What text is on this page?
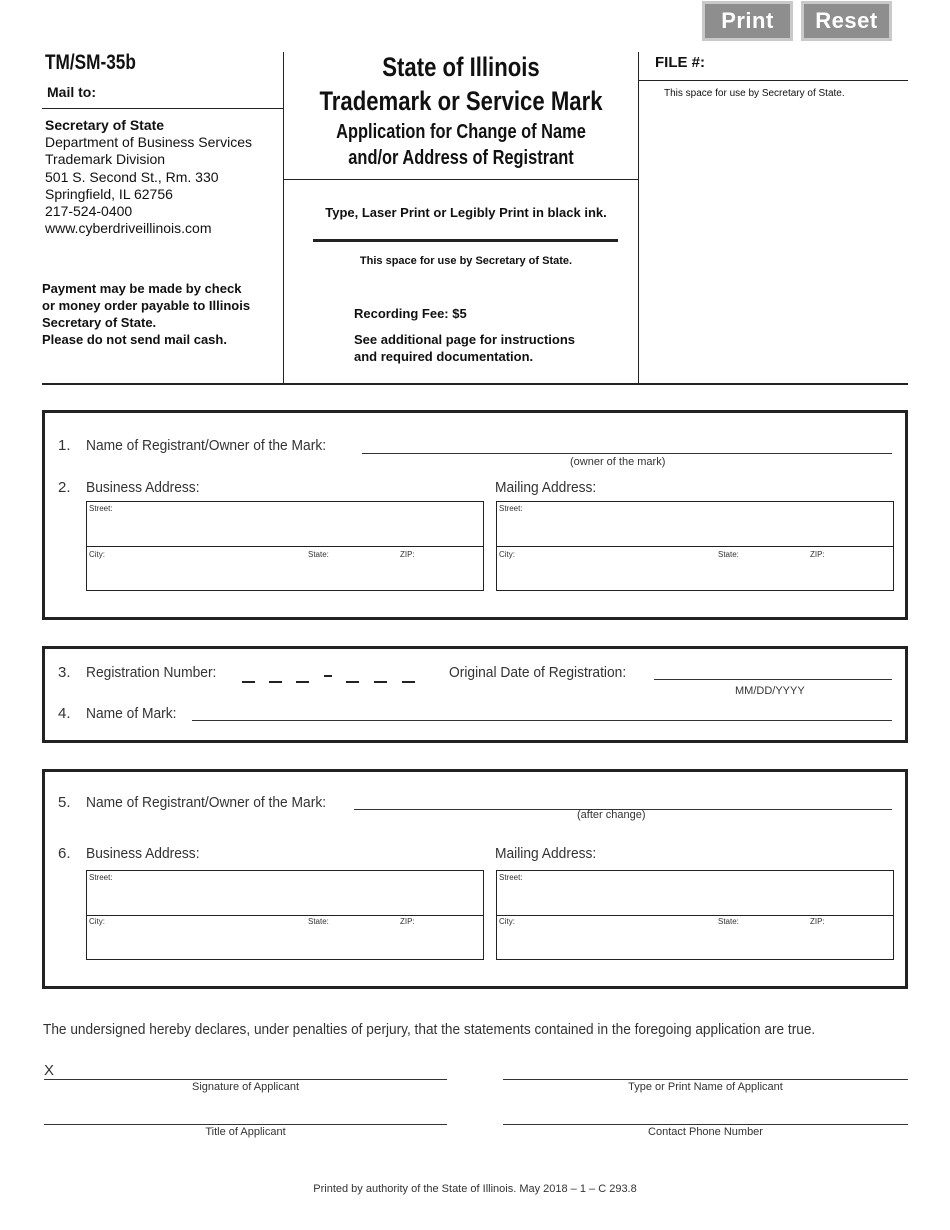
Print	Reset
TM/SM-35b
Mail to:
Secretary of State
Department of Business Services
Trademark Division
501 S. Second St., Rm. 330
Springfield, IL 62756
217-524-0400
www.cyberdriveillinois.com
Payment may be made by check
or money order payable to Illinois
Secretary of State.
Please do not send mail cash.
State of Illinois
Trademark or Service Mark
Application for Change of Name
and/or Address of Registrant
Type, Laser Print or Legibly Print in black ink.
This space for use by Secretary of State.
Recording Fee: $5
See additional page for instructions
and required documentation.
FILE #:
This space for use by Secretary of State.
1. Name of Registrant/Owner of the Mark:
(owner of the mark)
2. Business Address:	Mailing Address:
Street:
City:	State:	ZIP:
Street:
City:	State:	ZIP:
3. Registration Number:	Original Date of Registration:
MM/DD/YYYY
4. Name of Mark:
5. Name of Registrant/Owner of the Mark:
(after change)
6. Business Address:	Mailing Address:
Street:
City:	State:	ZIP:
Street:
City:	State:	ZIP:
The undersigned hereby declares, under penalties of perjury, that the statements contained in the foregoing application are true.
X
Signature of Applicant	Type or Print Name of Applicant
Title of Applicant	Contact Phone Number
Printed by authority of the State of Illinois. May 2018 – 1 – C 293.8
